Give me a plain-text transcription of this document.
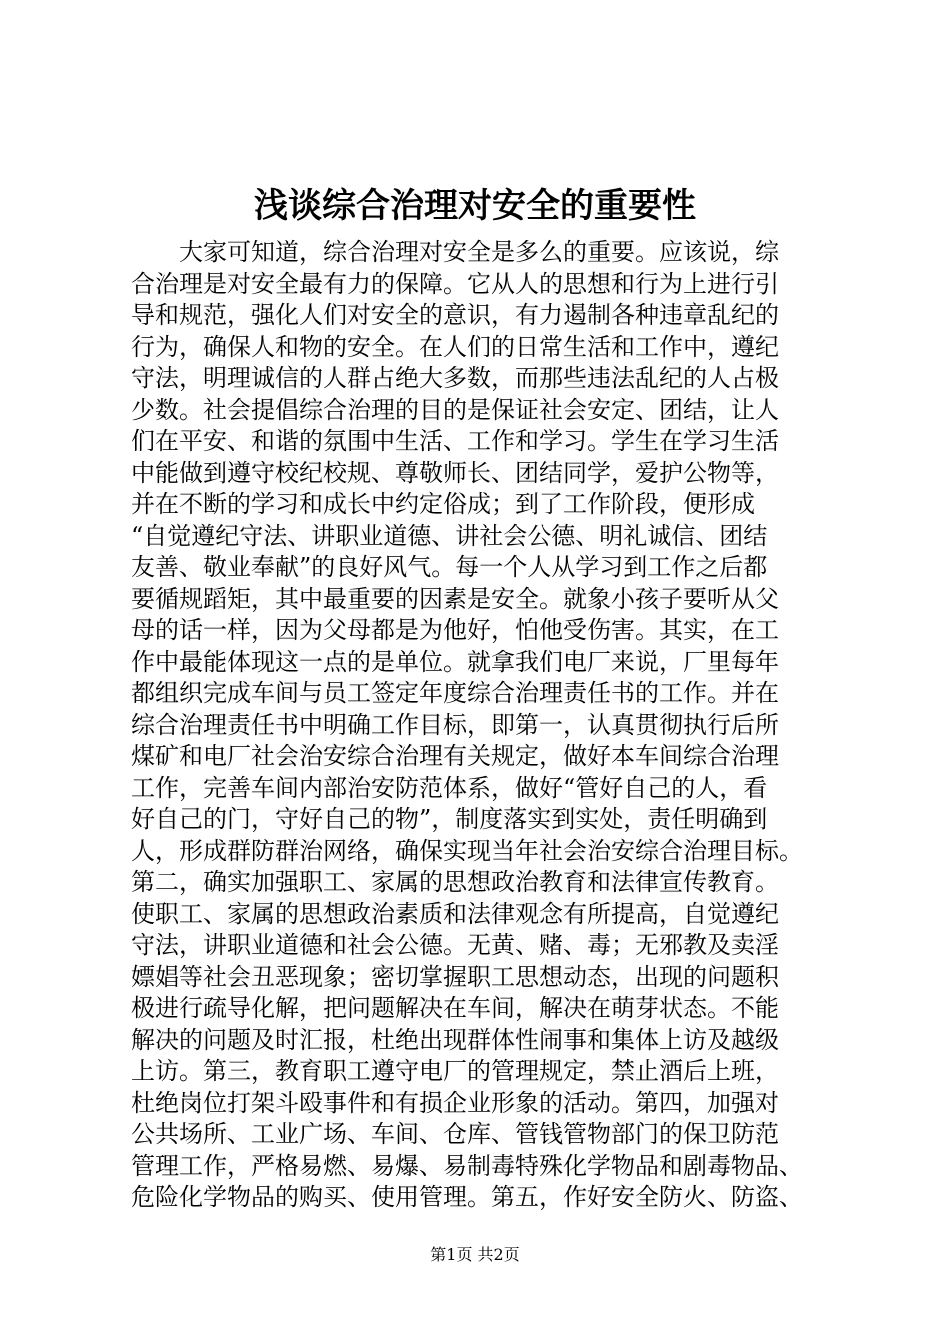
浅谈综合治理对安全的重要性
　　大家可知道，综合治理对安全是多么的重要。应该说，综
合治理是对安全最有力的保障。它从人的思想和行为上进行引
导和规范，强化人们对安全的意识，有力遏制各种违章乱纪的
行为，确保人和物的安全。在人们的日常生活和工作中，遵纪
守法，明理诚信的人群占绝大多数，而那些违法乱纪的人占极
少数。社会提倡综合治理的目的是保证社会安定、团结，让人
们在平安、和谐的氛围中生活、工作和学习。学生在学习生活
中能做到遵守校纪校规、尊敬师长、团结同学，爱护公物等，
并在不断的学习和成长中约定俗成；到了工作阶段，便形成
“自觉遵纪守法、讲职业道德、讲社会公德、明礼诚信、团结
友善、敬业奉献”的良好风气。每一个人从学习到工作之后都
要循规蹈矩，其中最重要的因素是安全。就象小孩子要听从父
母的话一样，因为父母都是为他好，怕他受伤害。其实，在工
作中最能体现这一点的是单位。就拿我们电厂来说，厂里每年
都组织完成车间与员工签定年度综合治理责任书的工作。并在
综合治理责任书中明确工作目标，即第一，认真贯彻执行后所
煤矿和电厂社会治安综合治理有关规定，做好本车间综合治理
工作，完善车间内部治安防范体系，做好“管好自己的人，看
好自己的门，守好自己的物”，制度落实到实处，责任明确到
人，形成群防群治网络，确保实现当年社会治安综合治理目标。
第二，确实加强职工、家属的思想政治教育和法律宣传教育。
使职工、家属的思想政治素质和法律观念有所提高，自觉遵纪
守法，讲职业道德和社会公德。无黄、赌、毒；无邪教及卖淫
嫖娼等社会丑恶现象；密切掌握职工思想动态，出现的问题积
极进行疏导化解，把问题解决在车间，解决在萌芽状态。不能
解决的问题及时汇报，杜绝出现群体性闹事和集体上访及越级
上访。第三，教育职工遵守电厂的管理规定，禁止酒后上班，
杜绝岗位打架斗殴事件和有损企业形象的活动。第四，加强对
公共场所、工业广场、车间、仓库、管钱管物部门的保卫防范
管理工作，严格易燃、易爆、易制毒特殊化学物品和剧毒物品、
危险化学物品的购买、使用管理。第五，作好安全防火、防盗、
第1页 共2页
